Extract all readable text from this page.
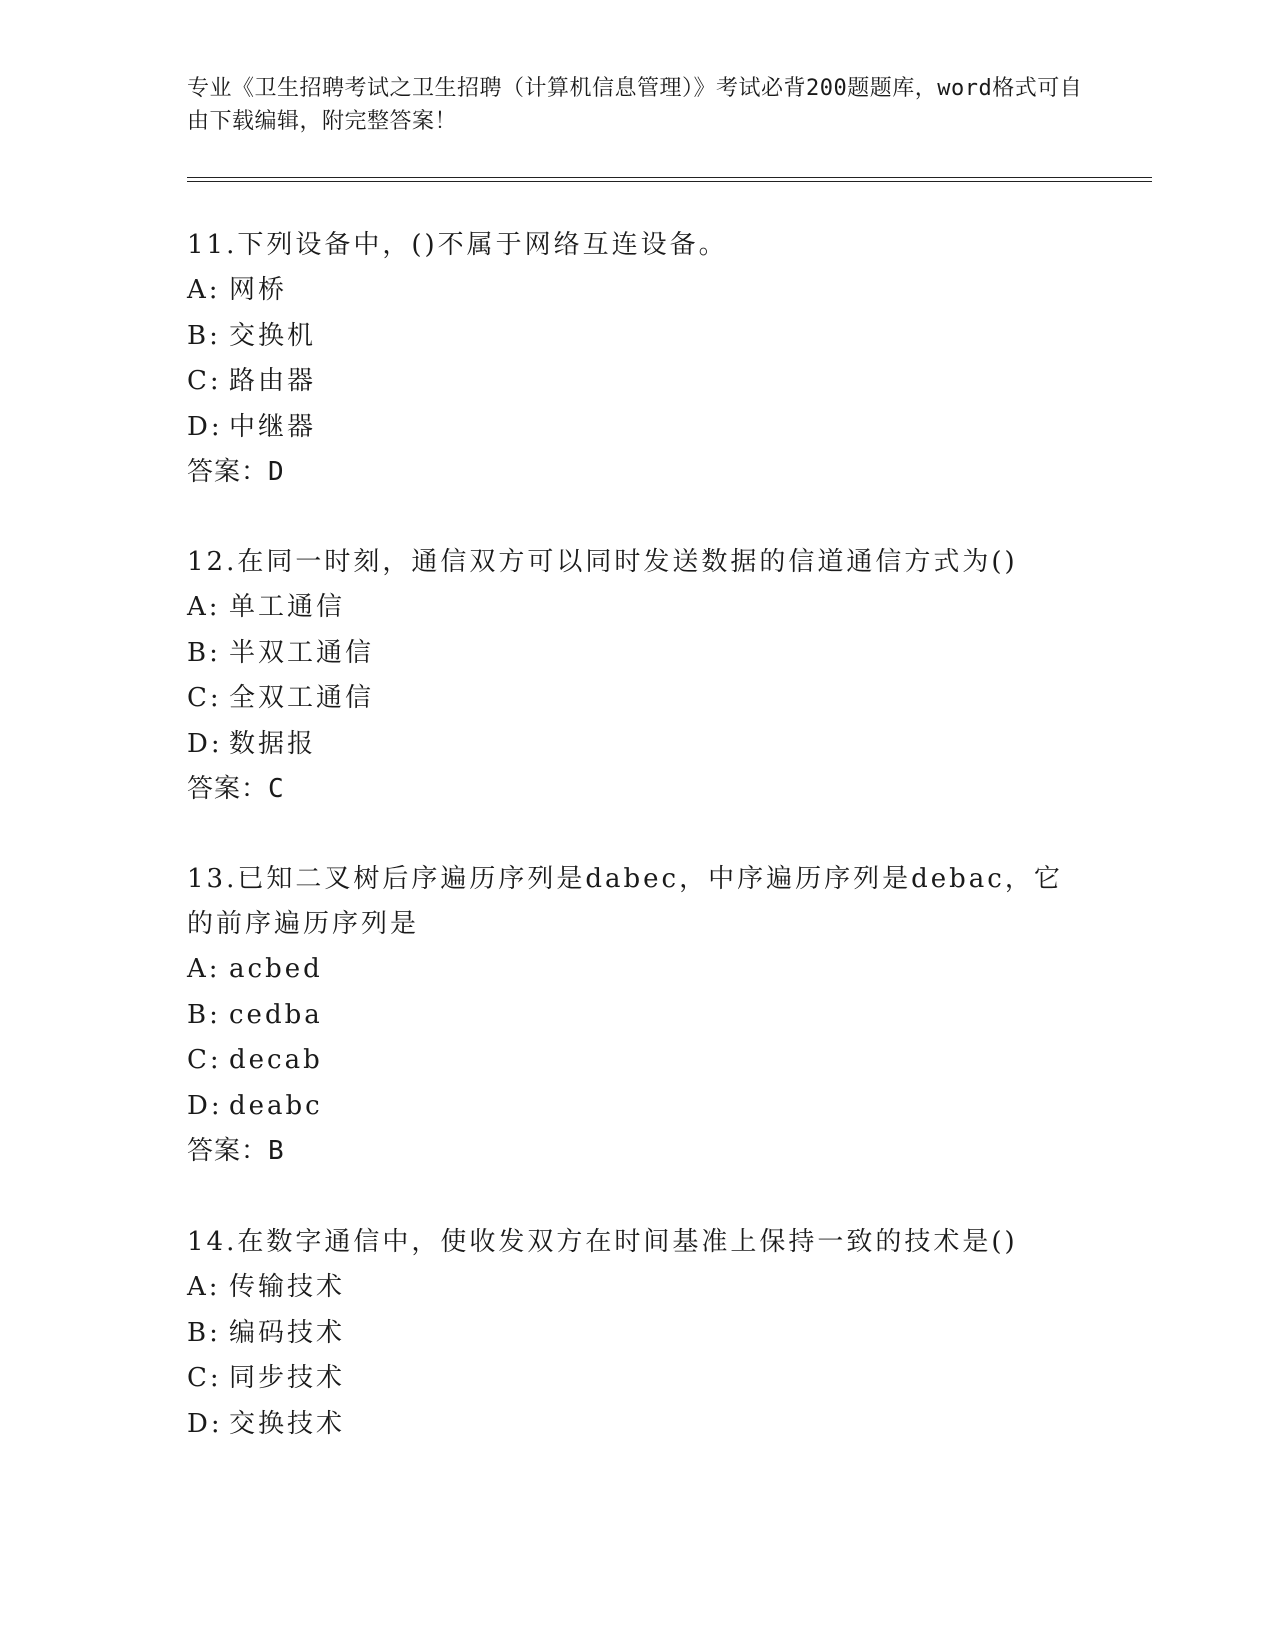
专业《卫生招聘考试之卫生招聘（计算机信息管理）》考试必背200题题库，word格式可自由下载编辑，附完整答案！
11.下列设备中，()不属于网络互连设备。
A: 网桥
B: 交换机
C: 路由器
D: 中继器
答案：D
12.在同一时刻，通信双方可以同时发送数据的信道通信方式为()
A: 单工通信
B: 半双工通信
C: 全双工通信
D: 数据报
答案：C
13.已知二叉树后序遍历序列是dabec，中序遍历序列是debac，它的前序遍历序列是
A: acbed
B: cedba
C: decab
D: deabc
答案：B
14.在数字通信中，使收发双方在时间基准上保持一致的技术是()
A: 传输技术
B: 编码技术
C: 同步技术
D: 交换技术
